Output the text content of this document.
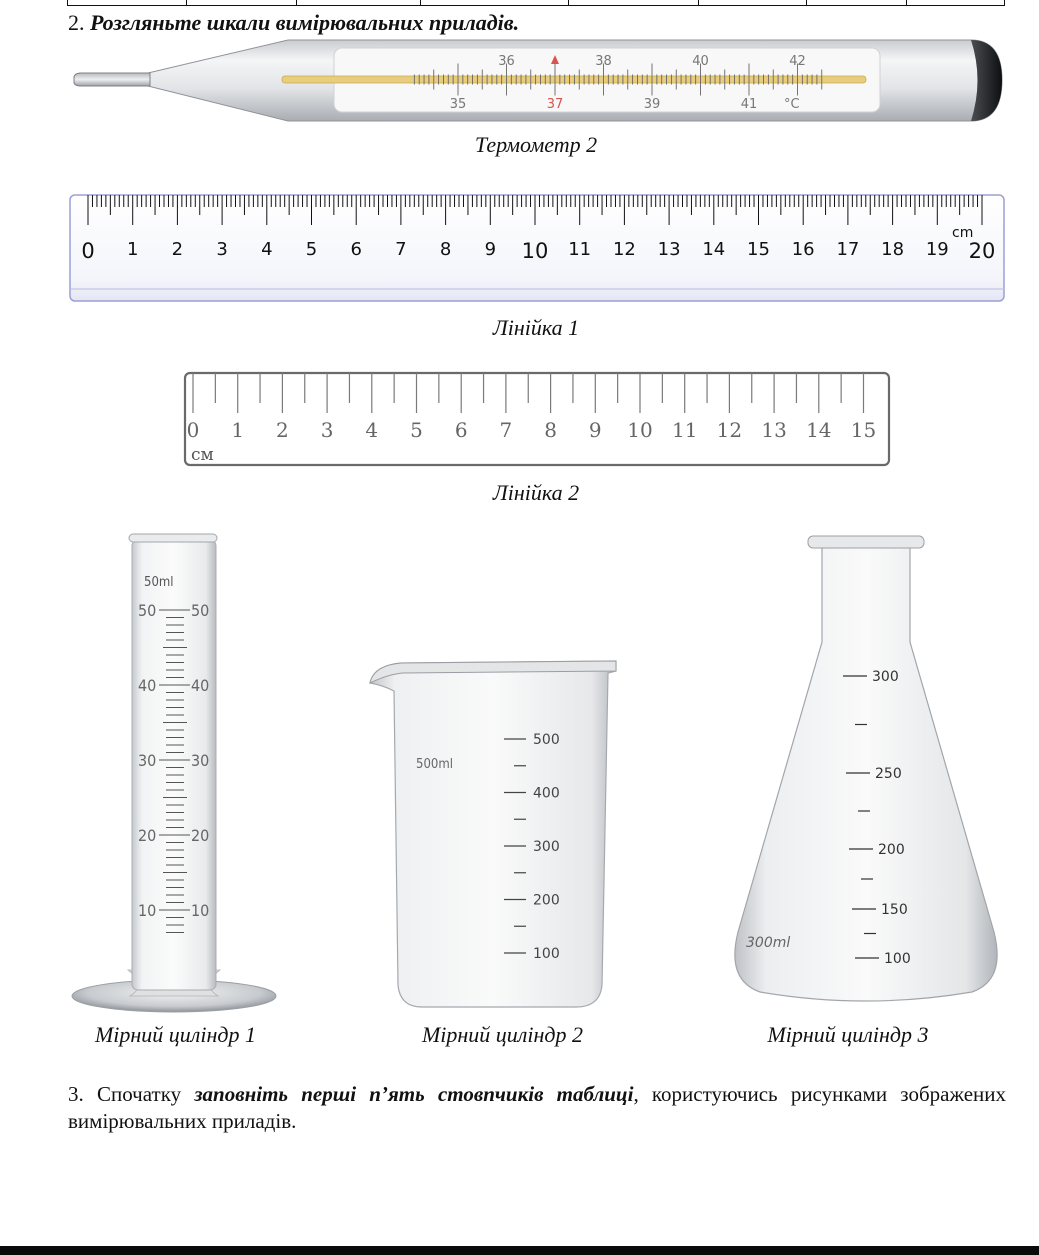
2. Розгляньте шкали вимірювальних приладів.
36	38	40	42
35	37	39	41 °C
Термометр 2
0 1 2 3 4 5 6 7 8 9 10 11 12 13 14 15 16 17 18 19 20
cm
Лінійка 1
0 1 2 3 4 5 6 7 8 9 10 11 12 13 14 15
см
Лінійка 2
50ml
50 50
40 40
30 30
20 20
10 10
Мірний циліндр 1
500ml
500
400
300
200
100
Мірний циліндр 2
300ml
300
250
200
150
100
Мірний циліндр 3
3. Спочатку заповніть перші п’ять стовпчиків таблиці, користуючись рисунками зображених вимірювальних приладів.
